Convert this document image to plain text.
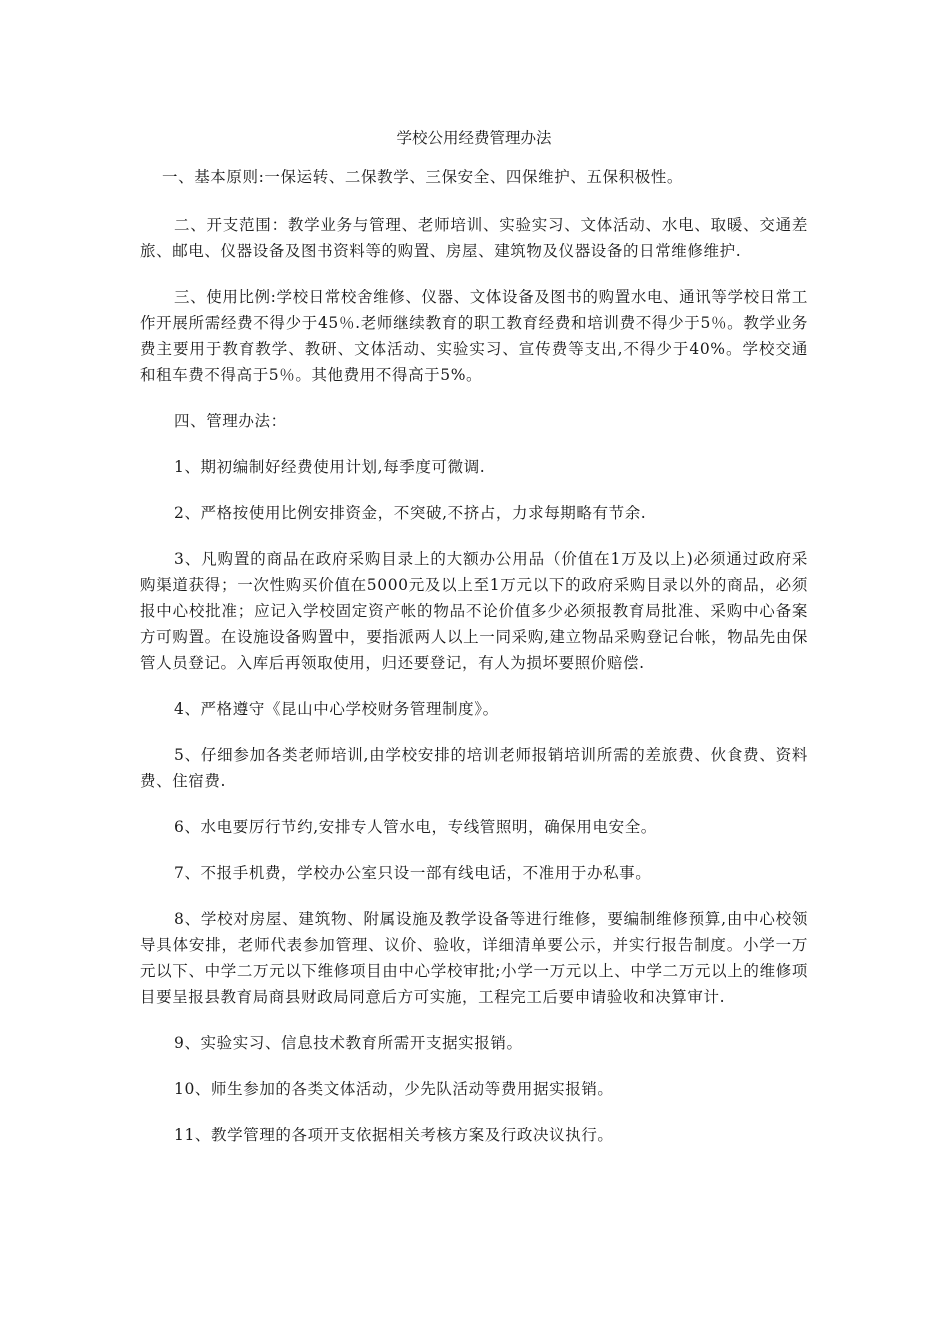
学校公用经费管理办法

一、基本原则:一保运转、二保教学、三保安全、四保维护、五保积极性。

二、开支范围：教学业务与管理、老师培训、实验实习、文体活动、水电、取暖、交通差旅、邮电、仪器设备及图书资料等的购置、房屋、建筑物及仪器设备的日常维修维护.

三、使用比例:学校日常校舍维修、仪器、文体设备及图书的购置水电、通讯等学校日常工作开展所需经费不得少于45％.老师继续教育的职工教育经费和培训费不得少于5％。教学业务费主要用于教育教学、教研、文体活动、实验实习、宣传费等支出,不得少于40%。学校交通和租车费不得高于5％。其他费用不得高于5%。

四、管理办法：

1、期初编制好经费使用计划,每季度可微调.

2、严格按使用比例安排资金，不突破,不挤占，力求每期略有节余.

3、凡购置的商品在政府采购目录上的大额办公用品（价值在1万及以上)必须通过政府采购渠道获得；一次性购买价值在5000元及以上至1万元以下的政府采购目录以外的商品，必须报中心校批准；应记入学校固定资产帐的物品不论价值多少必须报教育局批准、采购中心备案方可购置。在设施设备购置中，要指派两人以上一同采购,建立物品采购登记台帐，物品先由保管人员登记。入库后再领取使用，归还要登记，有人为损坏要照价赔偿.

4、严格遵守《昆山中心学校财务管理制度》。

5、仔细参加各类老师培训,由学校安排的培训老师报销培训所需的差旅费、伙食费、资料费、住宿费.

6、水电要厉行节约,安排专人管水电，专线管照明，确保用电安全。

7、不报手机费，学校办公室只设一部有线电话，不准用于办私事。

8、学校对房屋、建筑物、附属设施及教学设备等进行维修，要编制维修预算,由中心校领导具体安排，老师代表参加管理、议价、验收，详细清单要公示，并实行报告制度。小学一万元以下、中学二万元以下维修项目由中心学校审批;小学一万元以上、中学二万元以上的维修项目要呈报县教育局商县财政局同意后方可实施，工程完工后要申请验收和决算审计.

9、实验实习、信息技术教育所需开支据实报销。

10、师生参加的各类文体活动，少先队活动等费用据实报销。

11、教学管理的各项开支依据相关考核方案及行政决议执行。
